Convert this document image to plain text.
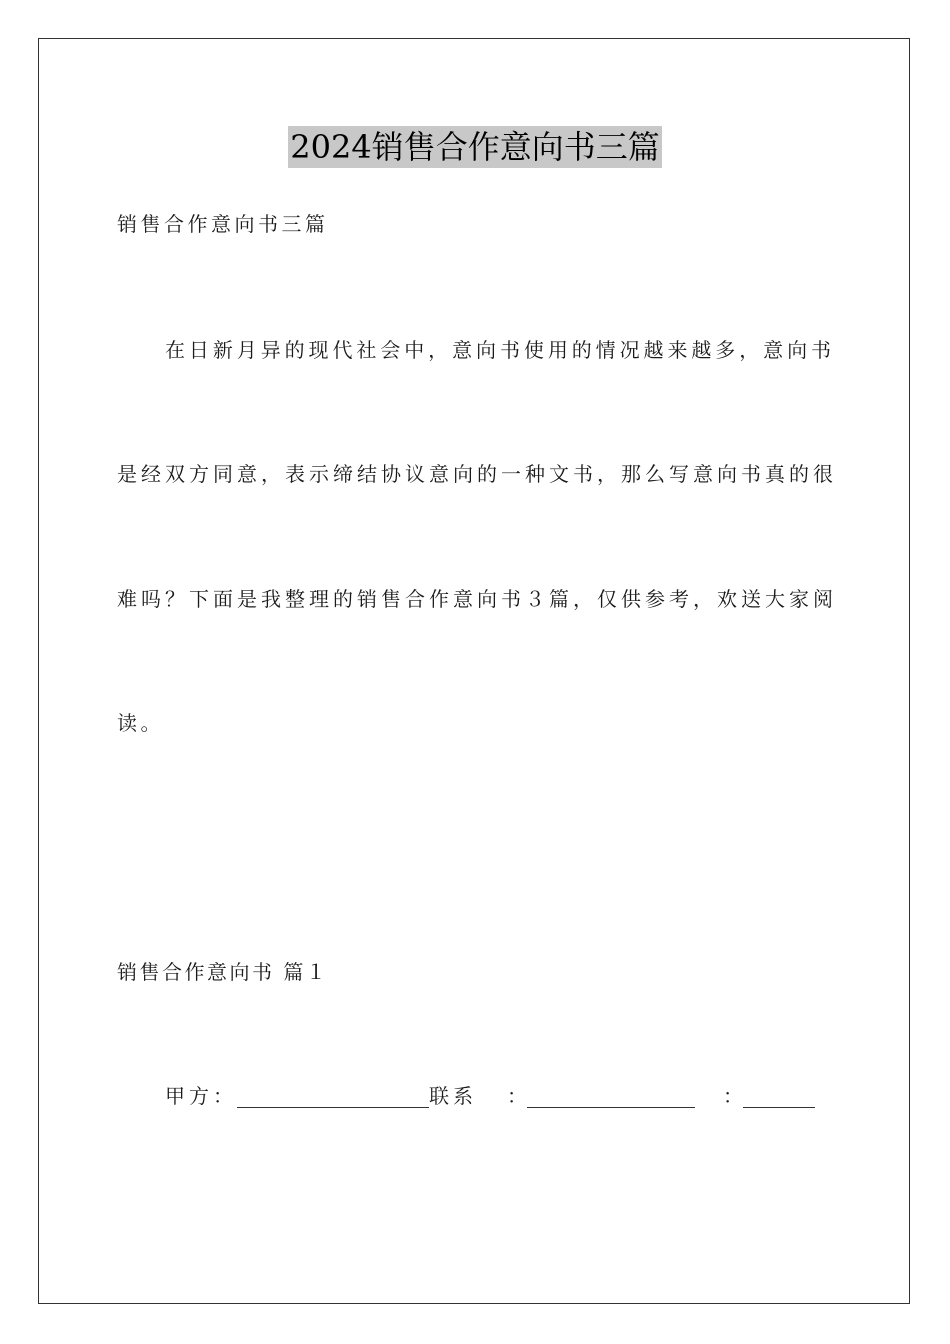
2024销售合作意向书三篇
销售合作意向书三篇
在日新月异的现代社会中，意向书使用的情况越来越多，意向书
是经双方同意，表示缔结协议意向的一种文书，那么写意向书真的很
难吗？下面是我整理的销售合作意向书３篇，仅供参考，欢送大家阅
读。
销售合作意向书 篇１
甲方：	联系 ：	：
